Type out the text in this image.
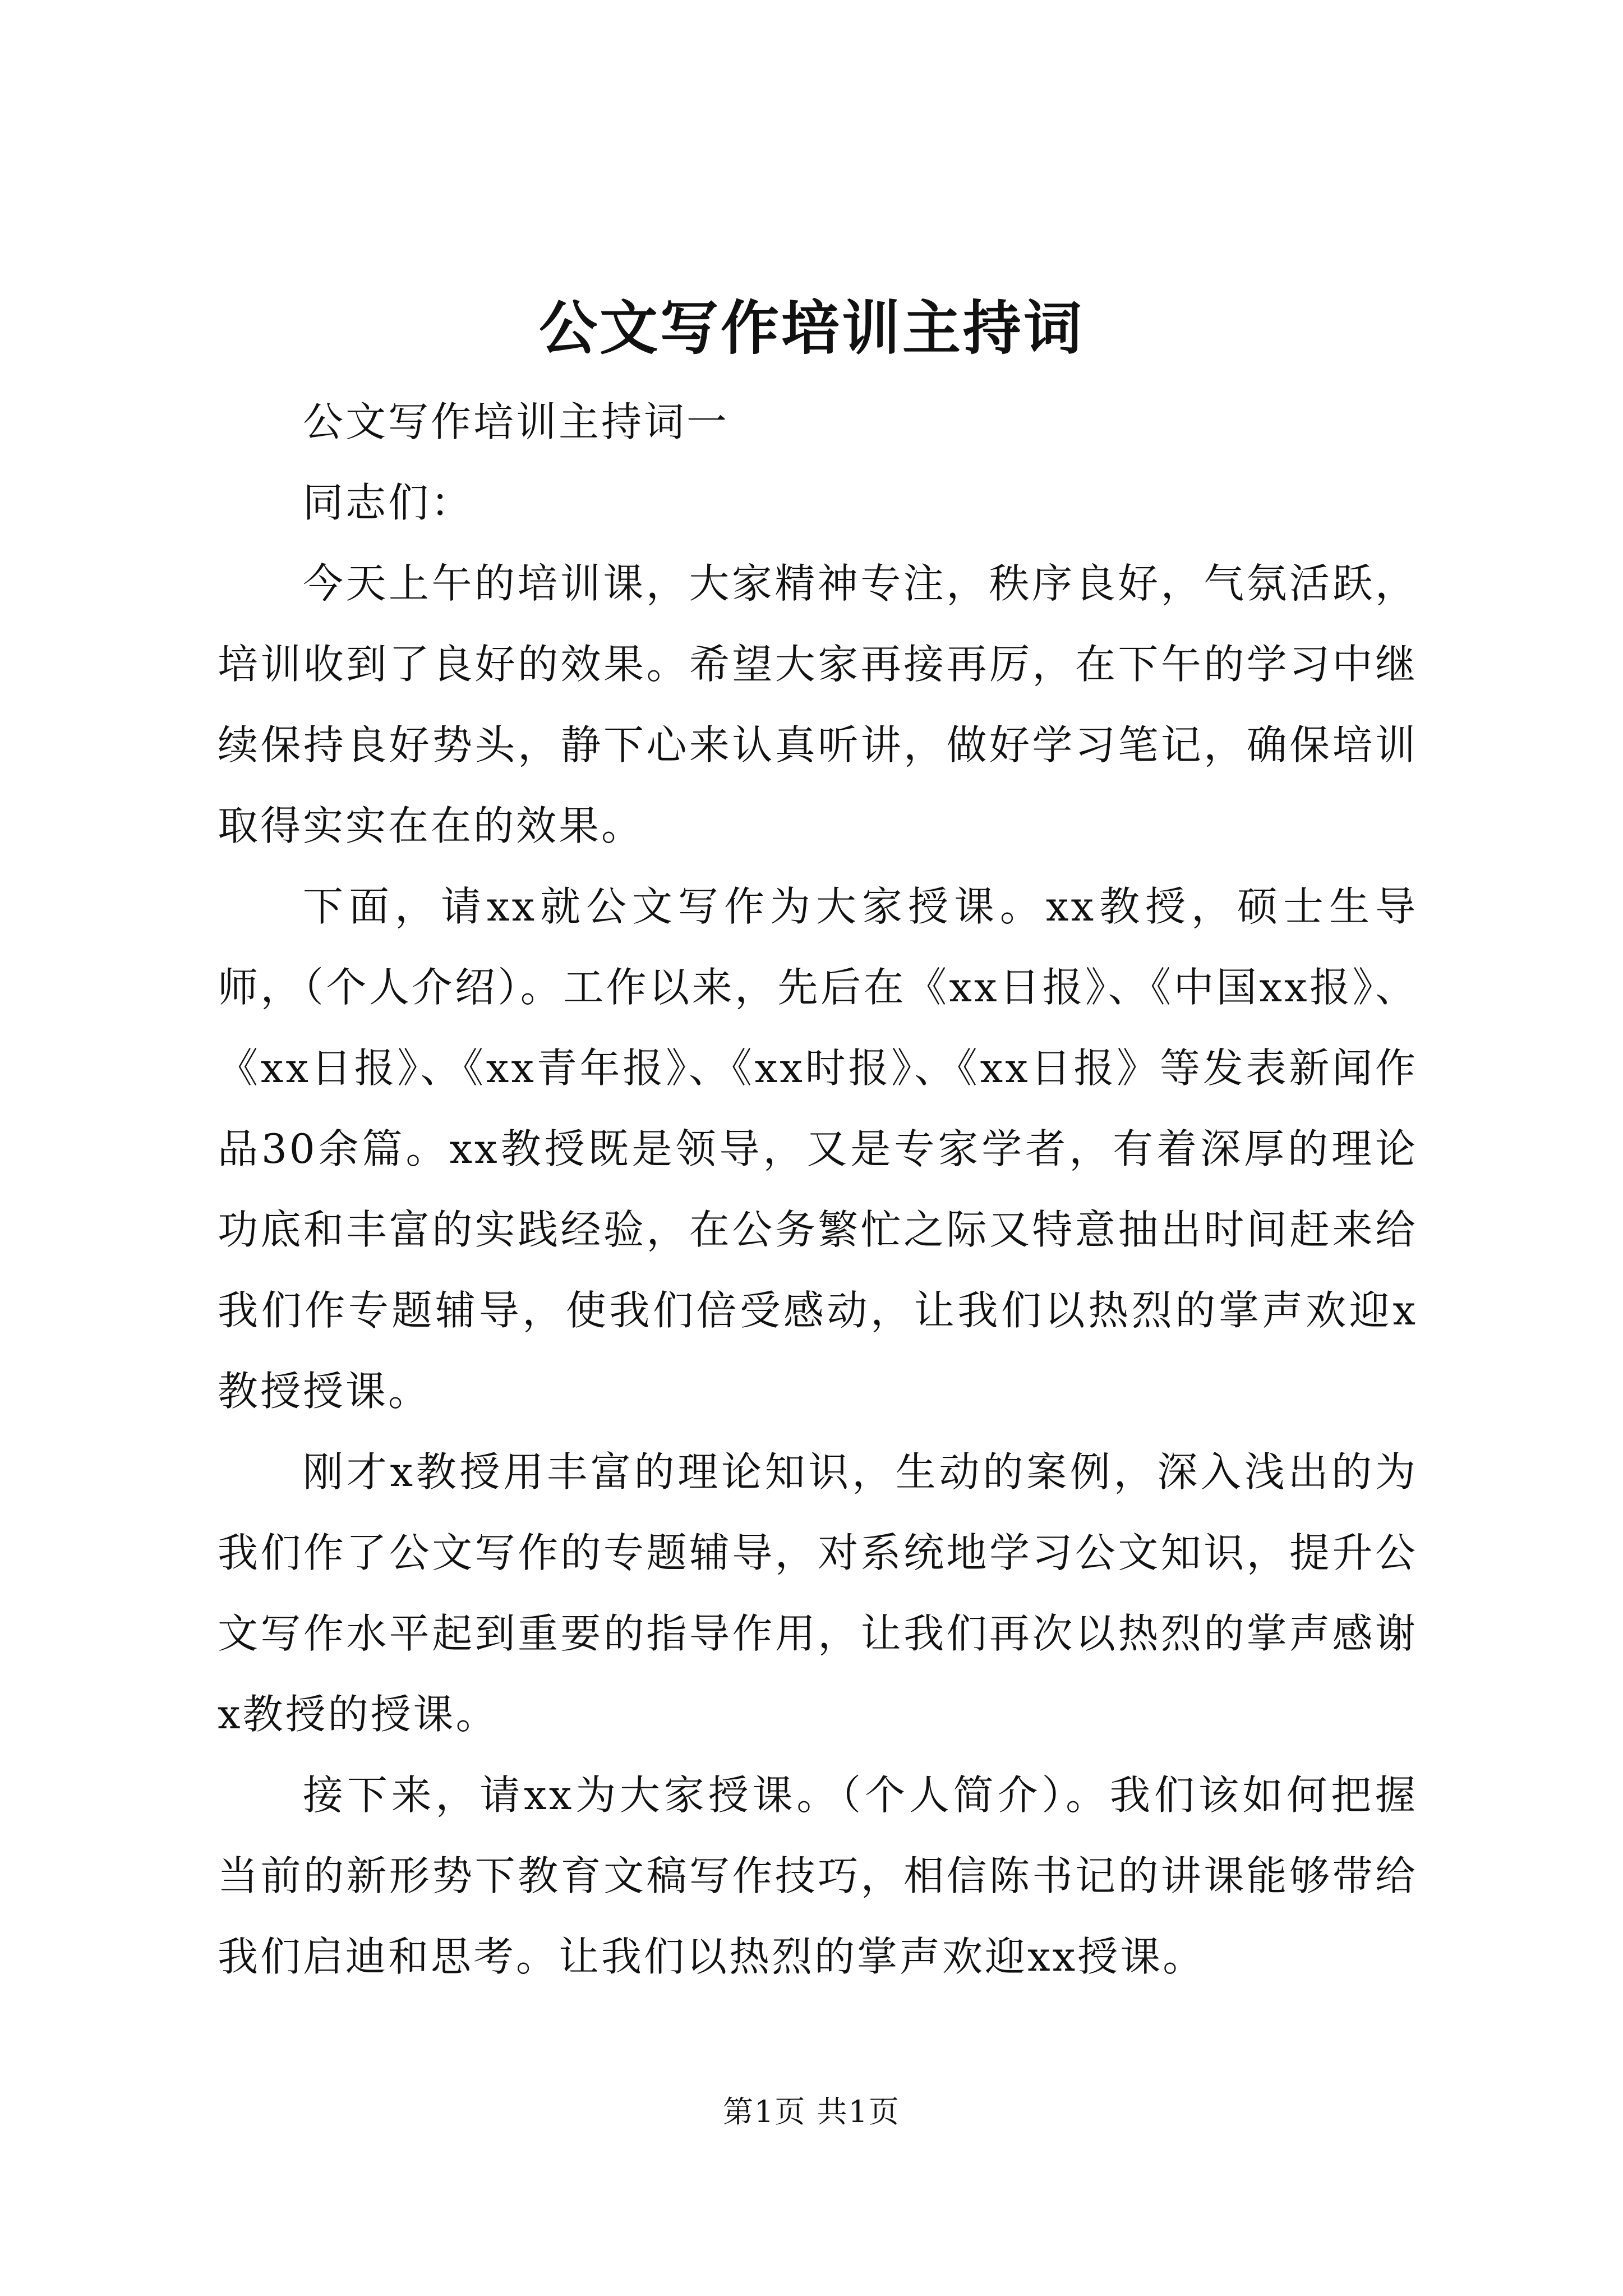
公文写作培训主持词

公文写作培训主持词一

同志们：

今天上午的培训课，大家精神专注，秩序良好，气氛活跃，培训收到了良好的效果。希望大家再接再厉，在下午的学习中继续保持良好势头，静下心来认真听讲，做好学习笔记，确保培训取得实实在在的效果。

下面，请xx就公文写作为大家授课。xx教授，硕士生导师，（个人介绍）。工作以来，先后在《xx日报》、《中国xx报》、《xx日报》、《xx青年报》、《xx时报》、《xx日报》等发表新闻作品30余篇。xx教授既是领导，又是专家学者，有着深厚的理论功底和丰富的实践经验，在公务繁忙之际又特意抽出时间赶来给我们作专题辅导，使我们倍受感动，让我们以热烈的掌声欢迎x教授授课。

刚才x教授用丰富的理论知识，生动的案例，深入浅出的为我们作了公文写作的专题辅导，对系统地学习公文知识，提升公文写作水平起到重要的指导作用，让我们再次以热烈的掌声感谢x教授的授课。

接下来，请xx为大家授课。（个人简介）。我们该如何把握当前的新形势下教育文稿写作技巧，相信陈书记的讲课能够带给我们启迪和思考。让我们以热烈的掌声欢迎xx授课。

第1页 共1页
